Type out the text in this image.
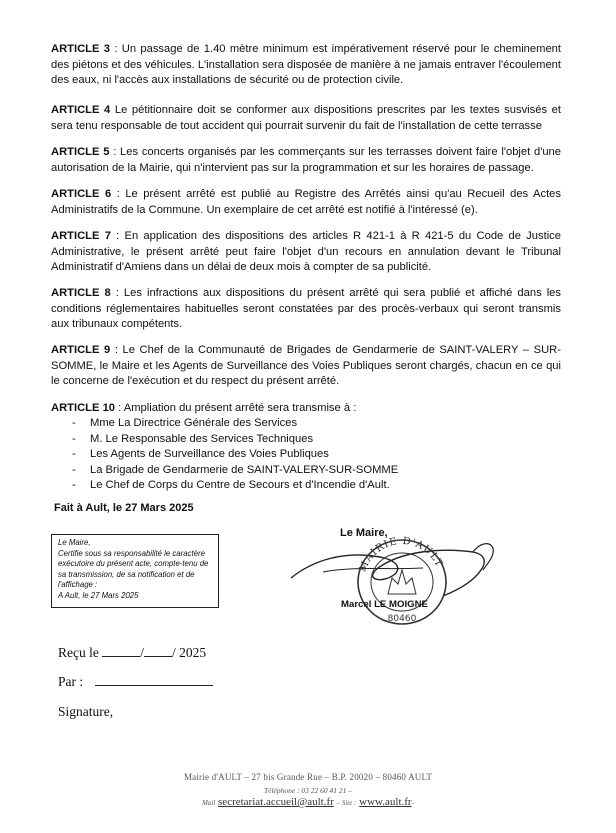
ARTICLE 3 : Un passage de 1.40 mètre minimum est impérativement réservé pour le cheminement des piétons et des véhicules. L'installation sera disposée de manière à ne jamais entraver l'écoulement des eaux, ni l'accès aux installations de sécurité ou de protection civile.

ARTICLE 4 Le pétitionnaire doit se conformer aux dispositions prescrites par les textes susvisés et sera tenu responsable de tout accident qui pourrait survenir du fait de l'installation de cette terrasse

ARTICLE 5 : Les concerts organisés par les commerçants sur les terrasses doivent faire l'objet d'une autorisation de la Mairie, qui n'intervient pas sur la programmation et sur les horaires de passage.

ARTICLE 6 : Le présent arrêté est publié au Registre des Arrêtés ainsi qu'au Recueil des Actes Administratifs de la Commune. Un exemplaire de cet arrêté est notifié à l'intéressé (e).

ARTICLE 7 : En application des dispositions des articles R 421-1 à R 421-5 du Code de Justice Administrative, le présent arrêté peut faire l'objet d'un recours en annulation devant le Tribunal Administratif d'Amiens dans un délai de deux mois à compter de sa publicité.

ARTICLE 8 : Les infractions aux dispositions du présent arrêté qui sera publié et affiché dans les conditions réglementaires habituelles seront constatées par des procès-verbaux qui seront transmis aux tribunaux compétents.

ARTICLE 9 : Le Chef de la Communauté de Brigades de Gendarmerie de SAINT-VALERY – SUR-SOMME, le Maire et les Agents de Surveillance des Voies Publiques seront chargés, chacun en ce qui le concerne de l'exécution et du respect du présent arrêté.

ARTICLE 10 : Ampliation du présent arrêté sera transmise à :

- Mme La Directrice Générale des Services
- M. Le Responsable des Services Techniques
- Les Agents de Surveillance des Voies Publiques
- La Brigade de Gendarmerie de SAINT-VALERY-SUR-SOMME
- Le Chef de Corps du Centre de Secours et d'Incendie d'Ault.
Fait à Ault, le 27 Mars 2025
Le Maire,
Certifie sous sa responsabilité le caractère exécutoire du présent acte, compte-tenu de sa transmission, de sa notification et de l'affichage :
A Ault, le 27 Mars 2025
MAIRIE D'AULT
80460
Le Maire,
Marcel LE MOIGNE
Reçu le	/ / 2025
Par :
Signature,
Mairie d'AULT – 27 bis Grande Rue – B.P. 20020 – 80460 AULT
Téléphone : 03 22 60 41 21 –
Mail secretariat.accueil@ault.fr – Site : www.ault.fr-
